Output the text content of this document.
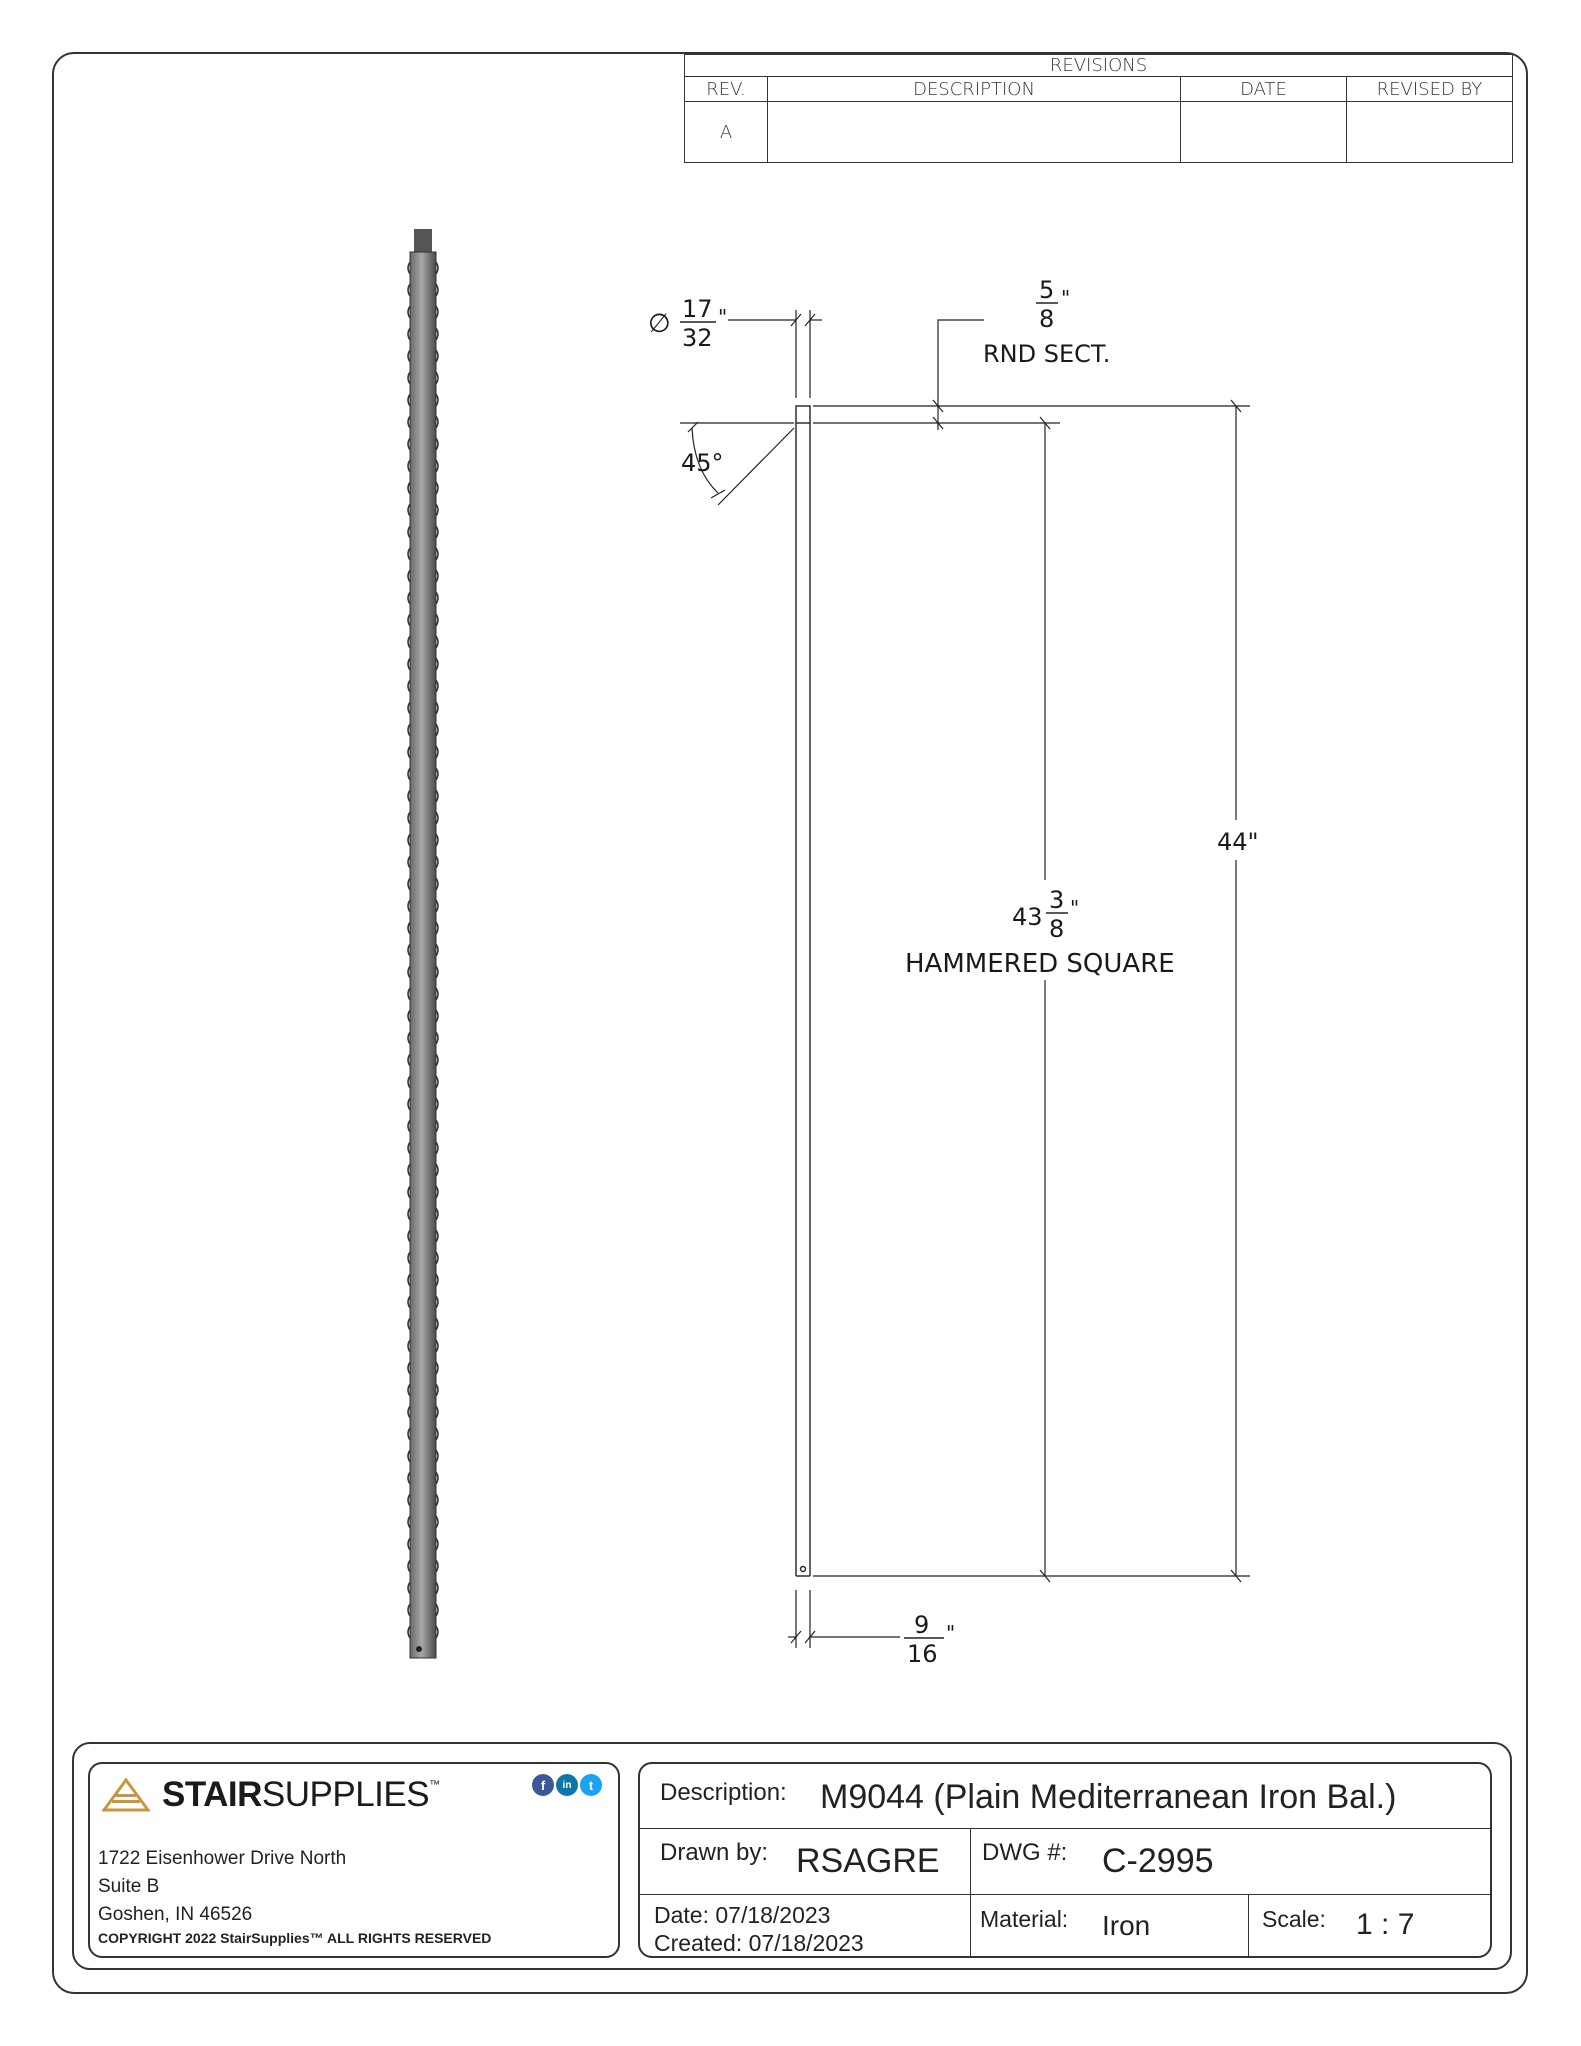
REVISIONS			
REV.	DESCRIPTION	DATE	REVISED BY
A			
∅ 17
32
"
5
8
"
RND SECT.
45°
44"
43
3
8
"
HAMMERED SQUARE
9
16
"
STAIRSUPPLIES™	f	in	t
1722 Eisenhower Drive North
Suite B
Goshen, IN 46526
COPYRIGHT 2022 StairSupplies™ ALL RIGHTS RESERVED
Description: M9044 (Plain Mediterranean Iron Bal.)
Drawn by: RSAGRE DWG #: C-2995
Date: 07/18/2023
Created: 07/18/2023
Material: Iron	Scale: 1 : 7
